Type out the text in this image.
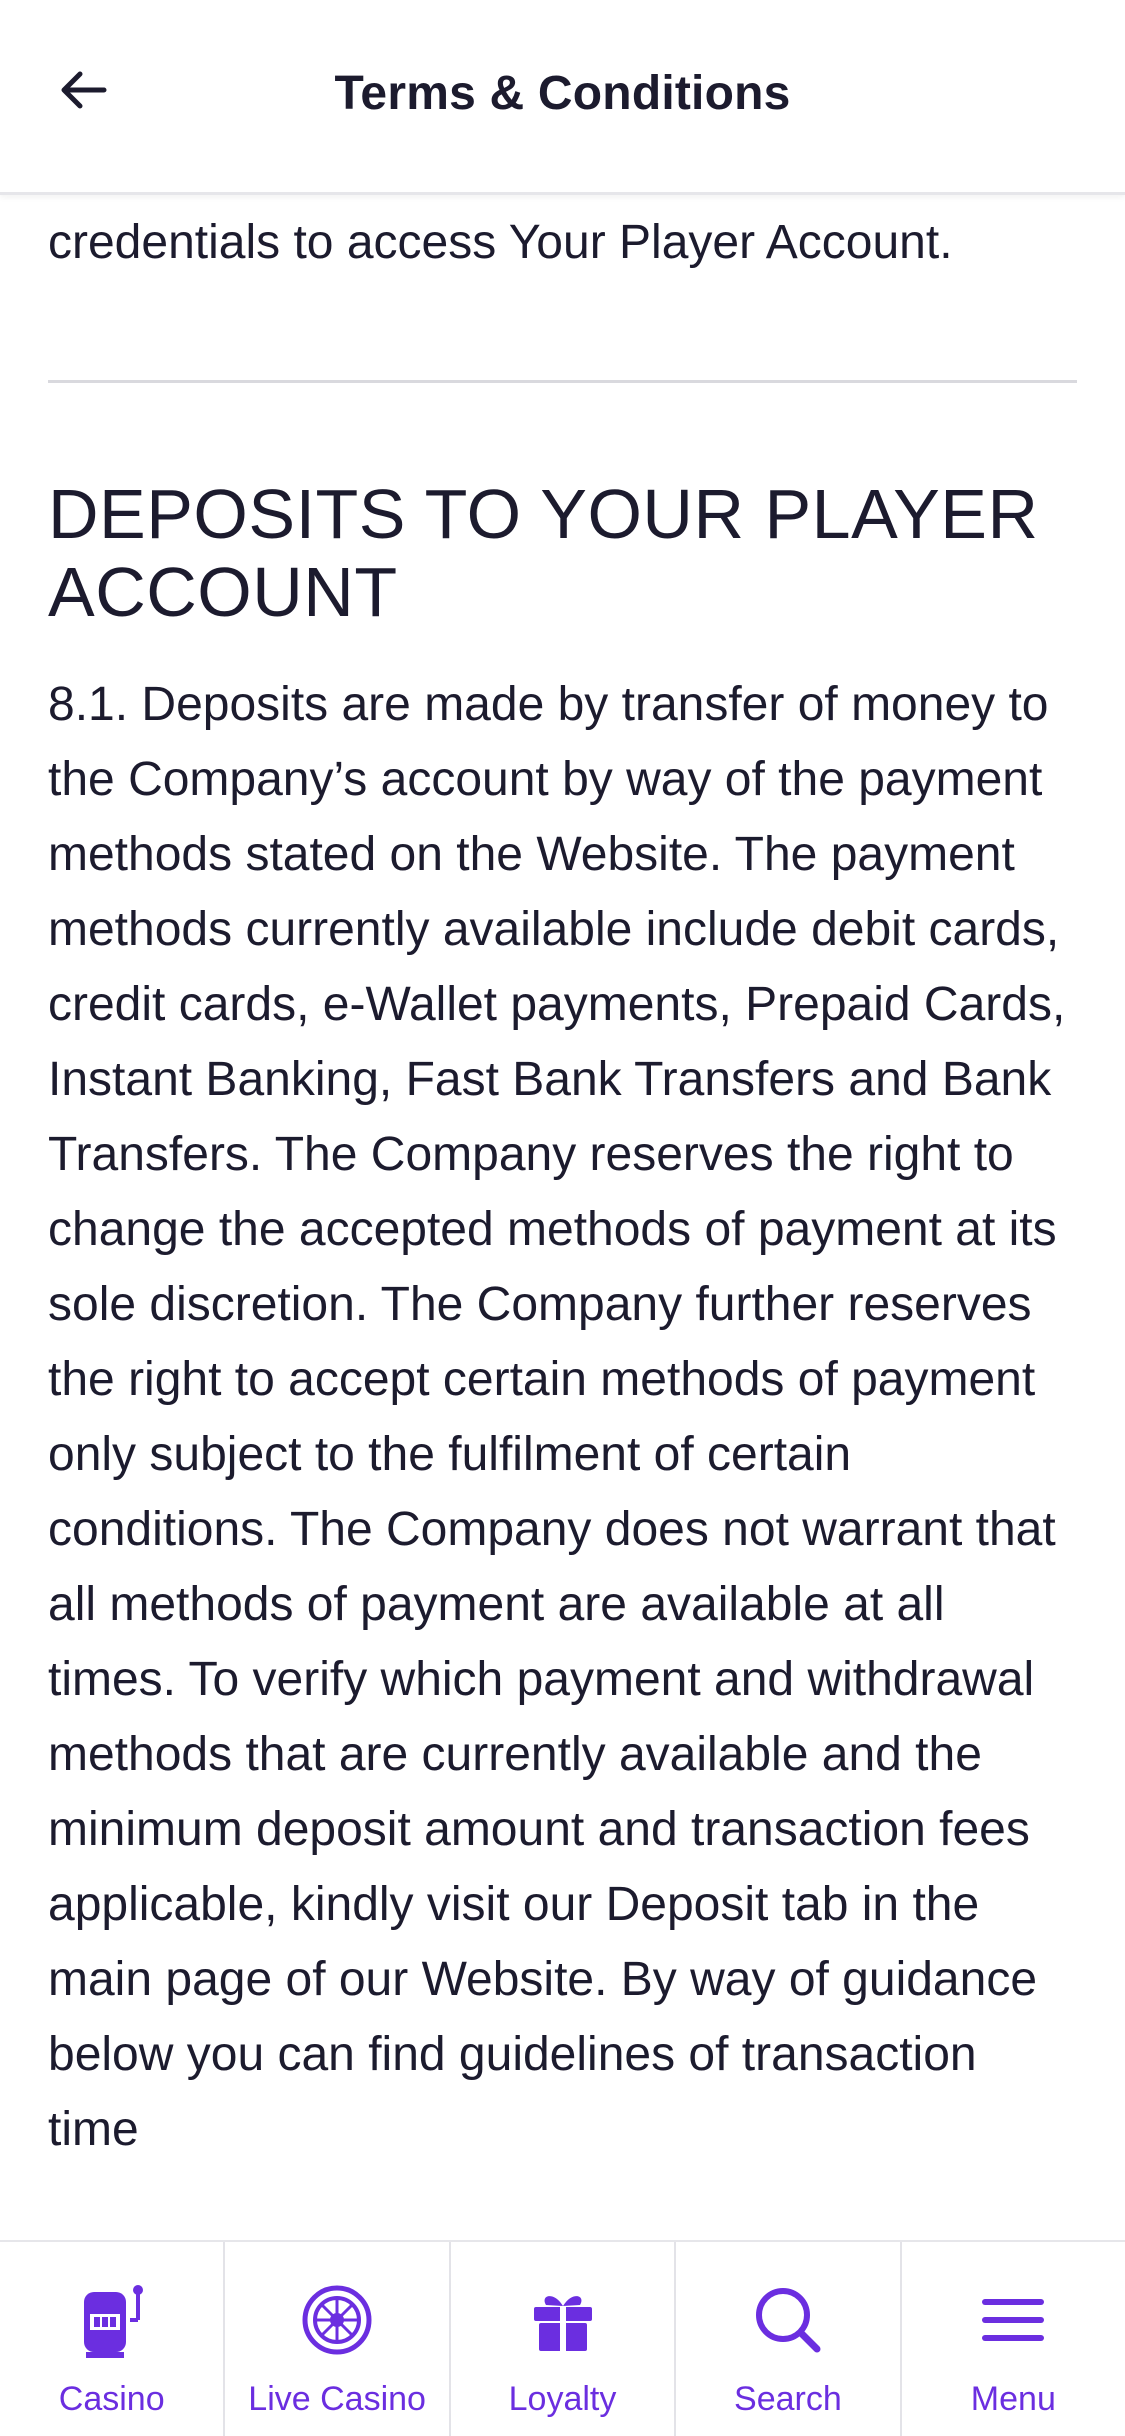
Terms & Conditions

credentials to access Your Player Account.

DEPOSITS TO YOUR PLAYER ACCOUNT

8.1. Deposits are made by transfer of money to the Company’s account by way of the payment methods stated on the Website. The payment methods currently available include debit cards, credit cards, e-Wallet payments, Prepaid Cards, Instant Banking, Fast Bank Transfers and Bank Transfers. The Company reserves the right to change the accepted methods of payment at its sole discretion. The Company further reserves the right to accept certain methods of payment only subject to the fulfilment of certain conditions. The Company does not warrant that all methods of payment are available at all times. To verify which payment and withdrawal methods that are currently available and the minimum deposit amount and transaction fees applicable, kindly visit our Deposit tab in the main page of our Website. By way of guidance below you can find guidelines of transaction time

Casino Live Casino Loyalty	Search	Menu
